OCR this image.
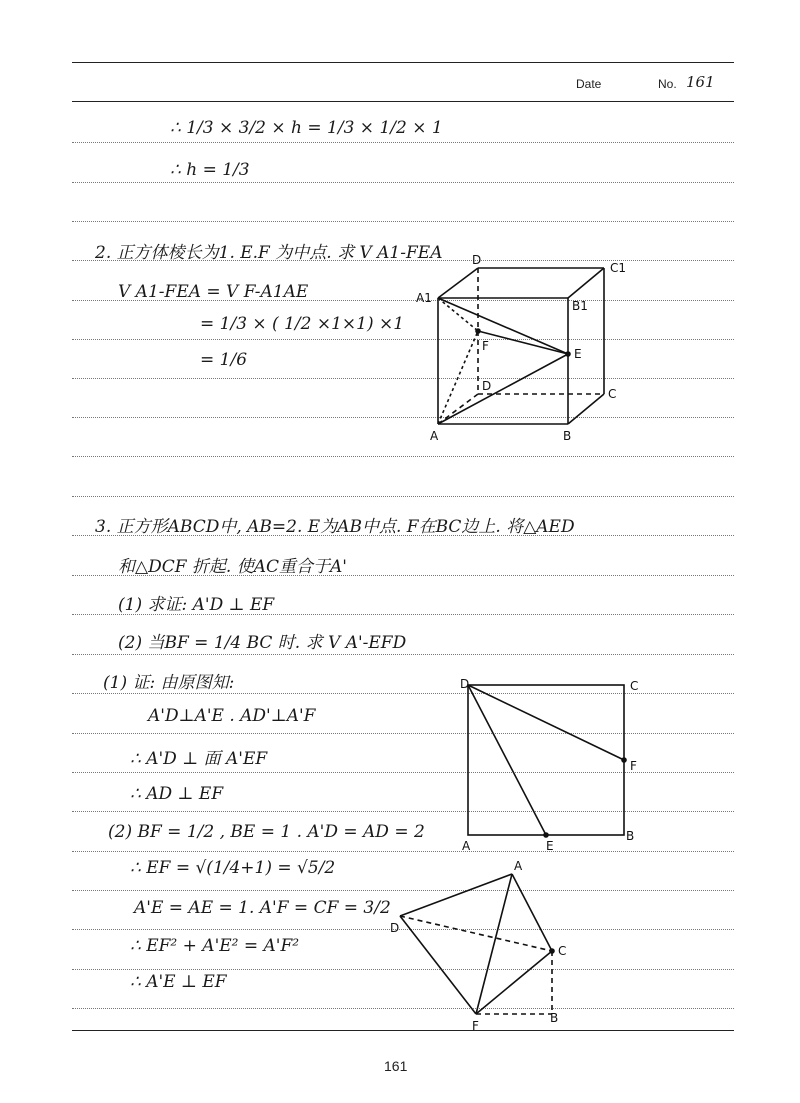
Date	No. 161
∴ 1/3 × 3/2 × h = 1/3 × 1/2 × 1
∴ h = 1/3
2. 正方体棱长为1. E.F 为中点. 求 V A1-FEA
V A1-FEA = V F-A1AE
= 1/3 × ( 1/2 ×1×1) ×1
= 1/6
3. 正方形ABCD中, AB=2. E为AB中点. F在BC边上. 将△AED
和△DCF 折起. 使AC重合于A'
(1) 求证: A'D ⊥ EF
(2) 当BF = 1/4 BC 时. 求 V A'-EFD
(1) 证: 由原图知:
A'D⊥A'E . AD'⊥A'F
∴ A'D ⊥ 面 A'EF
∴ AD ⊥ EF
(2) BF = 1/2 , BE = 1 . A'D = AD = 2
∴ EF = √(1/4+1) = √5/2
A'E = AE = 1. A'F = CF = 3/2
∴ EF² + A'E² = A'F²
∴ A'E ⊥ EF
D
C1
A1
B1
F
E
D
C
A	B
D	C
F
A	E
B
A
D
C
F
B
161
